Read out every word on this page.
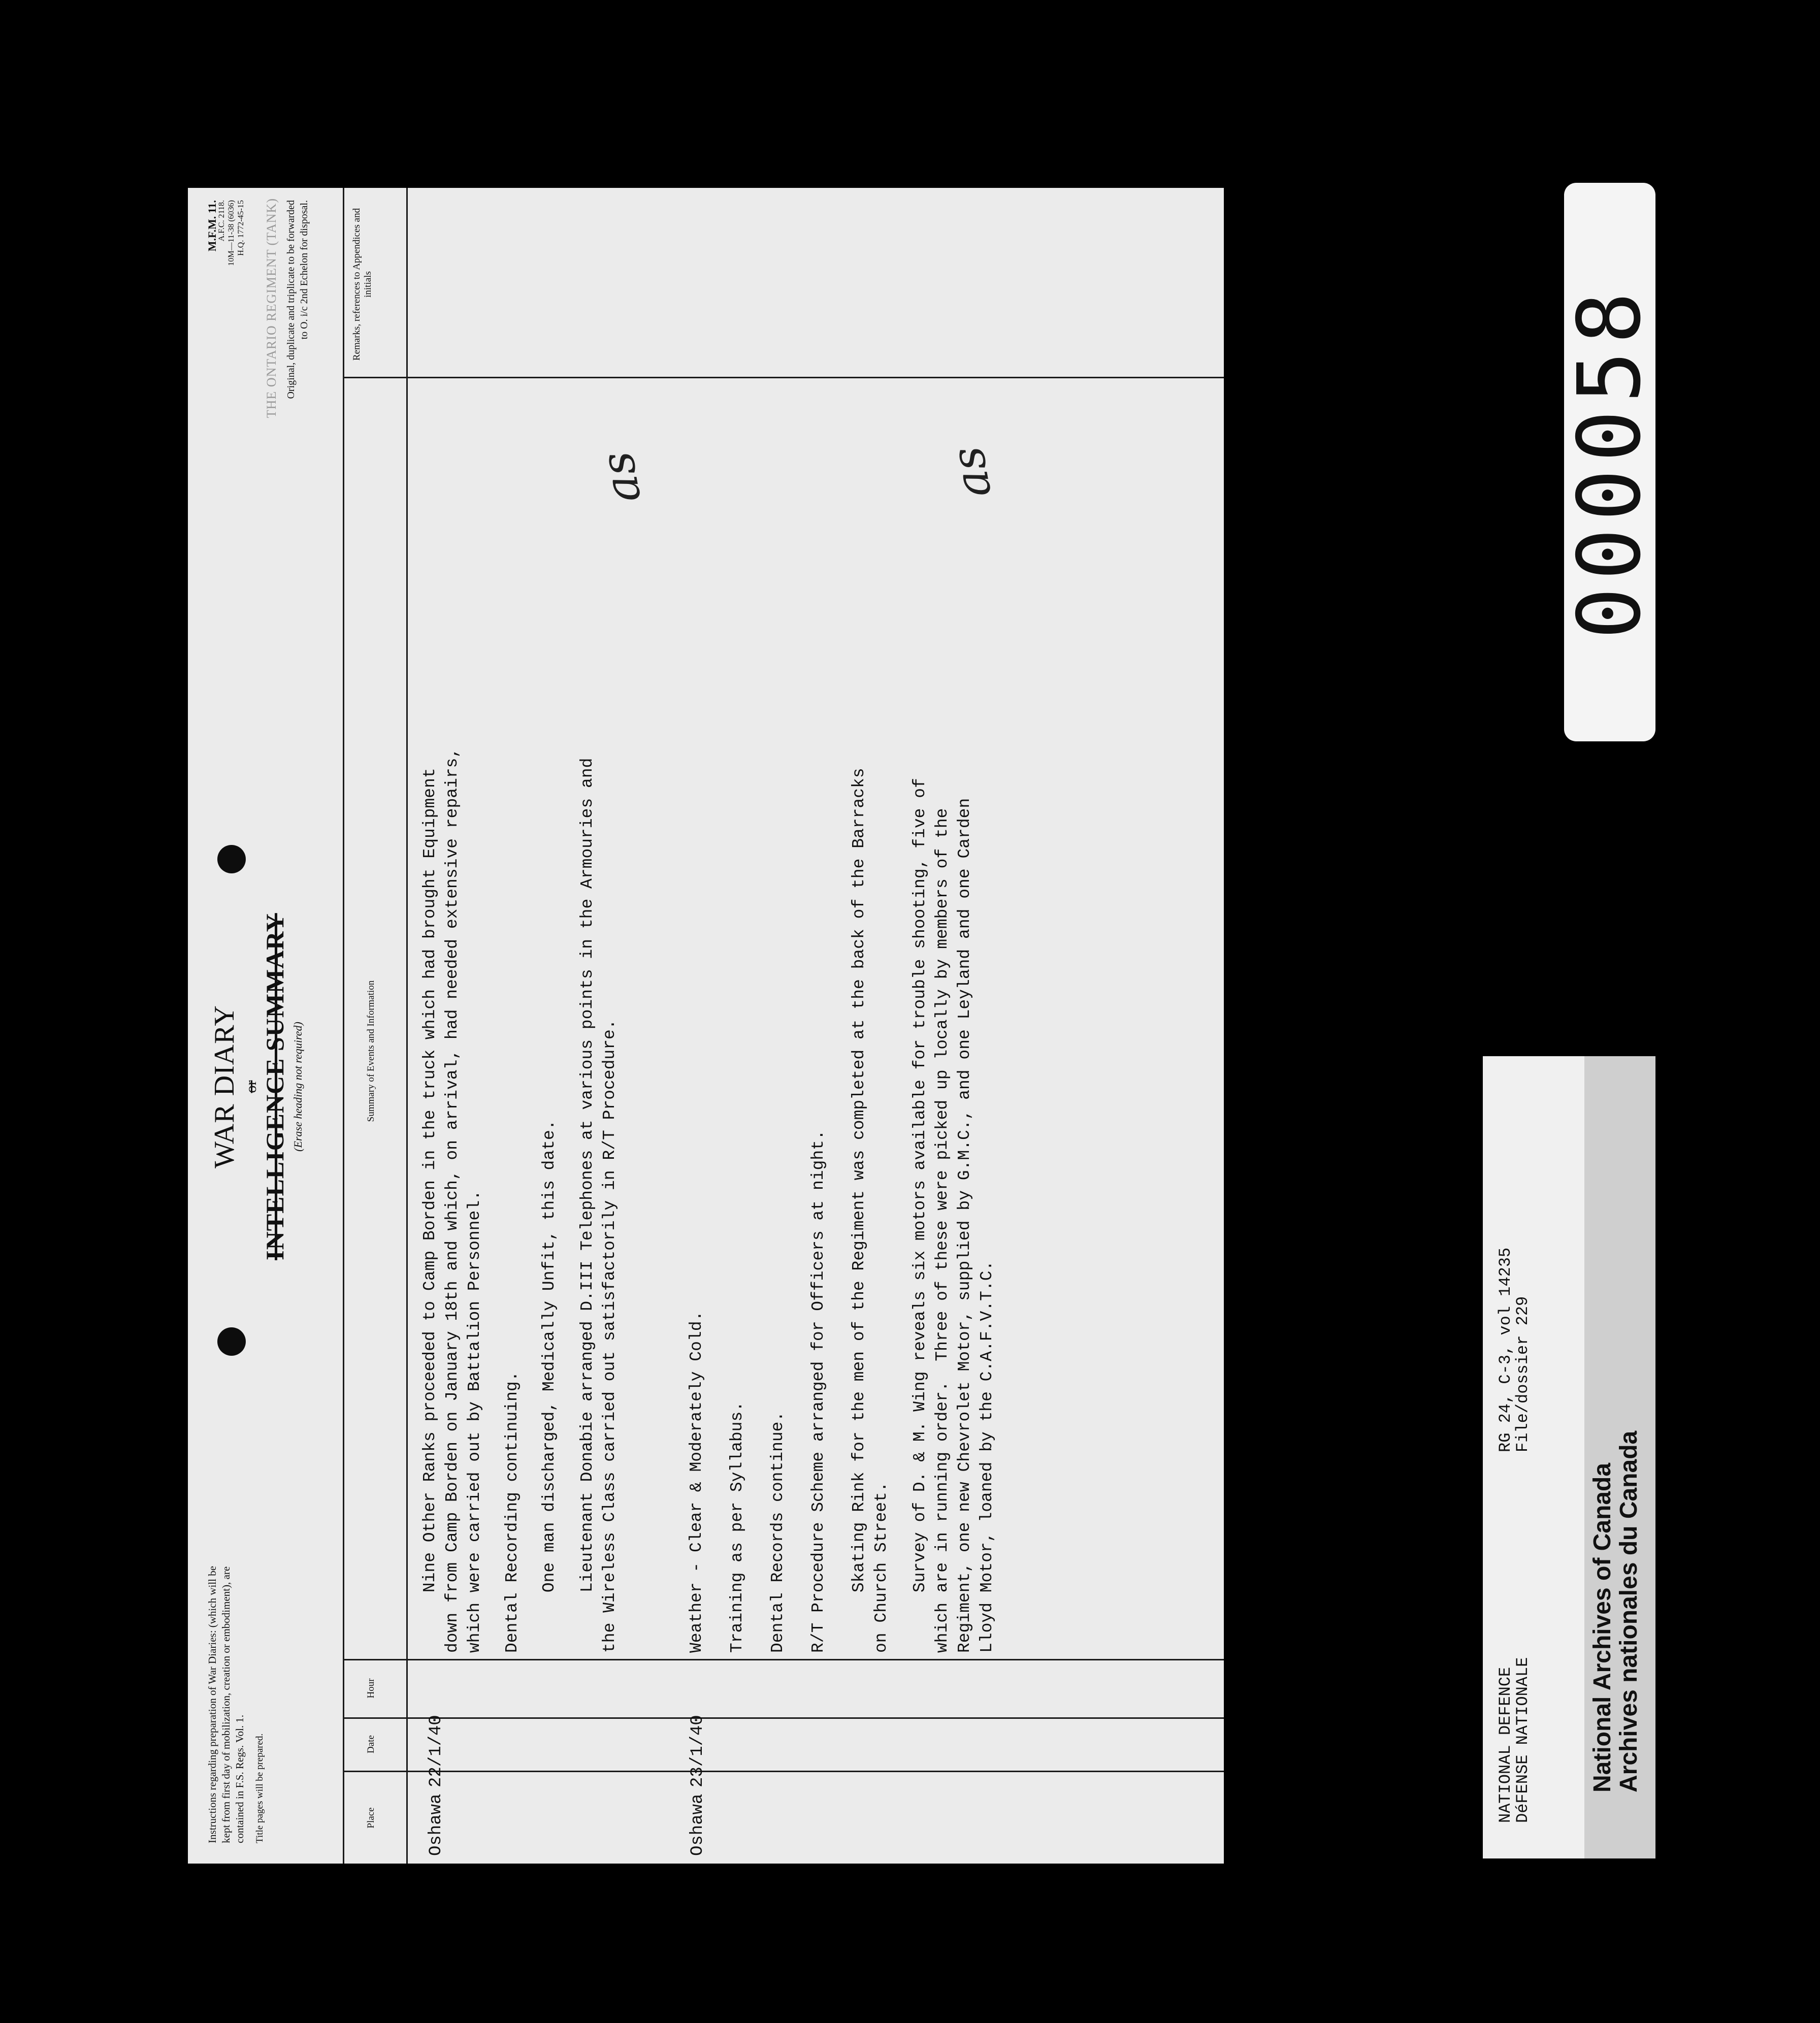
Instructions regarding preparation of War Diaries: (which will be kept from first day of mobilization, creation or embodiment), are contained in F.S. Regs. Vol. 1. Title pages will be prepared.

WAR DIARY or INTELLIGENCE SUMMARY (Erase heading not required)
M.F.M. 11.
A.F.C. 2118. 10M—11-38 (6036) H.Q. 1772-45-15 THE ONTARIO REGIMENT (TANK) Original, duplicate and triplicate to be forwarded to O. i/c 2nd Echelon for disposal.
Place
Date
Hour
Summary of Events and Information
Remarks, references to Appendices and initials
Oshawa
22/1/40
Nine Other Ranks proceeded to Camp Borden in the truck which had brought Equipment
down from Camp Borden on January 18th and which, on arrival, had needed extensive repairs,
which were carried out by Battalion Personnel.
Dental Recording continuing. One man discharged, Medically Unfit, this date. Lieutenant Donabie arranged D.III Telephones at various points in the Armouries and
the Wireless Class carried out satisfactorily in R/T Procedure.
Oshawa
23/1/40
Weather - Clear & Moderately Cold. Training as per Syllabus. Dental Records continue. R/T Procedure Scheme arranged for Officers at night. Skating Rink for the men of the Regiment was completed at the back of the Barracks
on Church Street.
Survey of D. & M. Wing reveals six motors available for trouble shooting, five of
which are in running order.  Three of these were picked up locally by members of the
Regiment, one new Chevrolet Motor, supplied by G.M.C., and one Leyland and one Carden
Lloyd Motor, loaned by the C.A.F.V.T.C.
as	as
NATIONAL DEFENCE
DéFENSE NATIONALE
RG 24, C-3, vol 14235
File/dossier 229
National Archives of Canada Archives nationales du Canada
000058
